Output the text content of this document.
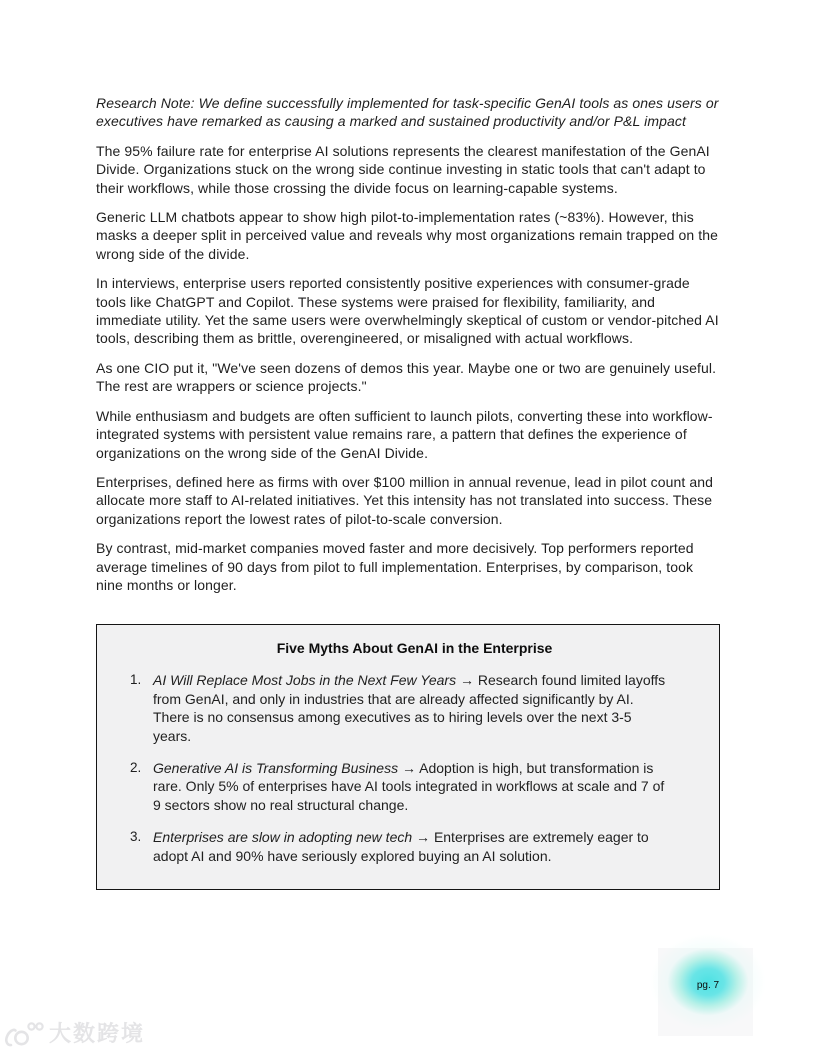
Research Note: We define successfully implemented for task-specific GenAI tools as ones users or executives have remarked as causing a marked and sustained productivity and/or P&L impact

The 95% failure rate for enterprise AI solutions represents the clearest manifestation of the GenAI Divide. Organizations stuck on the wrong side continue investing in static tools that can't adapt to their workflows, while those crossing the divide focus on learning-capable systems.

Generic LLM chatbots appear to show high pilot-to-implementation rates (~83%). However, this masks a deeper split in perceived value and reveals why most organizations remain trapped on the wrong side of the divide.

In interviews, enterprise users reported consistently positive experiences with consumer-grade tools like ChatGPT and Copilot. These systems were praised for flexibility, familiarity, and immediate utility. Yet the same users were overwhelmingly skeptical of custom or vendor-pitched AI tools, describing them as brittle, overengineered, or misaligned with actual workflows.

As one CIO put it, "We've seen dozens of demos this year. Maybe one or two are genuinely useful. The rest are wrappers or science projects."

While enthusiasm and budgets are often sufficient to launch pilots, converting these into workflow-integrated systems with persistent value remains rare, a pattern that defines the experience of organizations on the wrong side of the GenAI Divide.

Enterprises, defined here as firms with over $100 million in annual revenue, lead in pilot count and allocate more staff to AI-related initiatives. Yet this intensity has not translated into success. These organizations report the lowest rates of pilot-to-scale conversion.

By contrast, mid-market companies moved faster and more decisively. Top performers reported average timelines of 90 days from pilot to full implementation. Enterprises, by comparison, took nine months or longer.

Five Myths About GenAI in the Enterprise
1. AI Will Replace Most Jobs in the Next Few Years → Research found limited layoffs from GenAI, and only in industries that are already affected significantly by AI. There is no consensus among executives as to hiring levels over the next 3-5 years.

2. Generative AI is Transforming Business → Adoption is high, but transformation is rare. Only 5% of enterprises have AI tools integrated in workflows at scale and 7 of 9 sectors show no real structural change.

3. Enterprises are slow in adopting new tech → Enterprises are extremely eager to adopt AI and 90% have seriously explored buying an AI solution.

pg. 7
大数跨境
